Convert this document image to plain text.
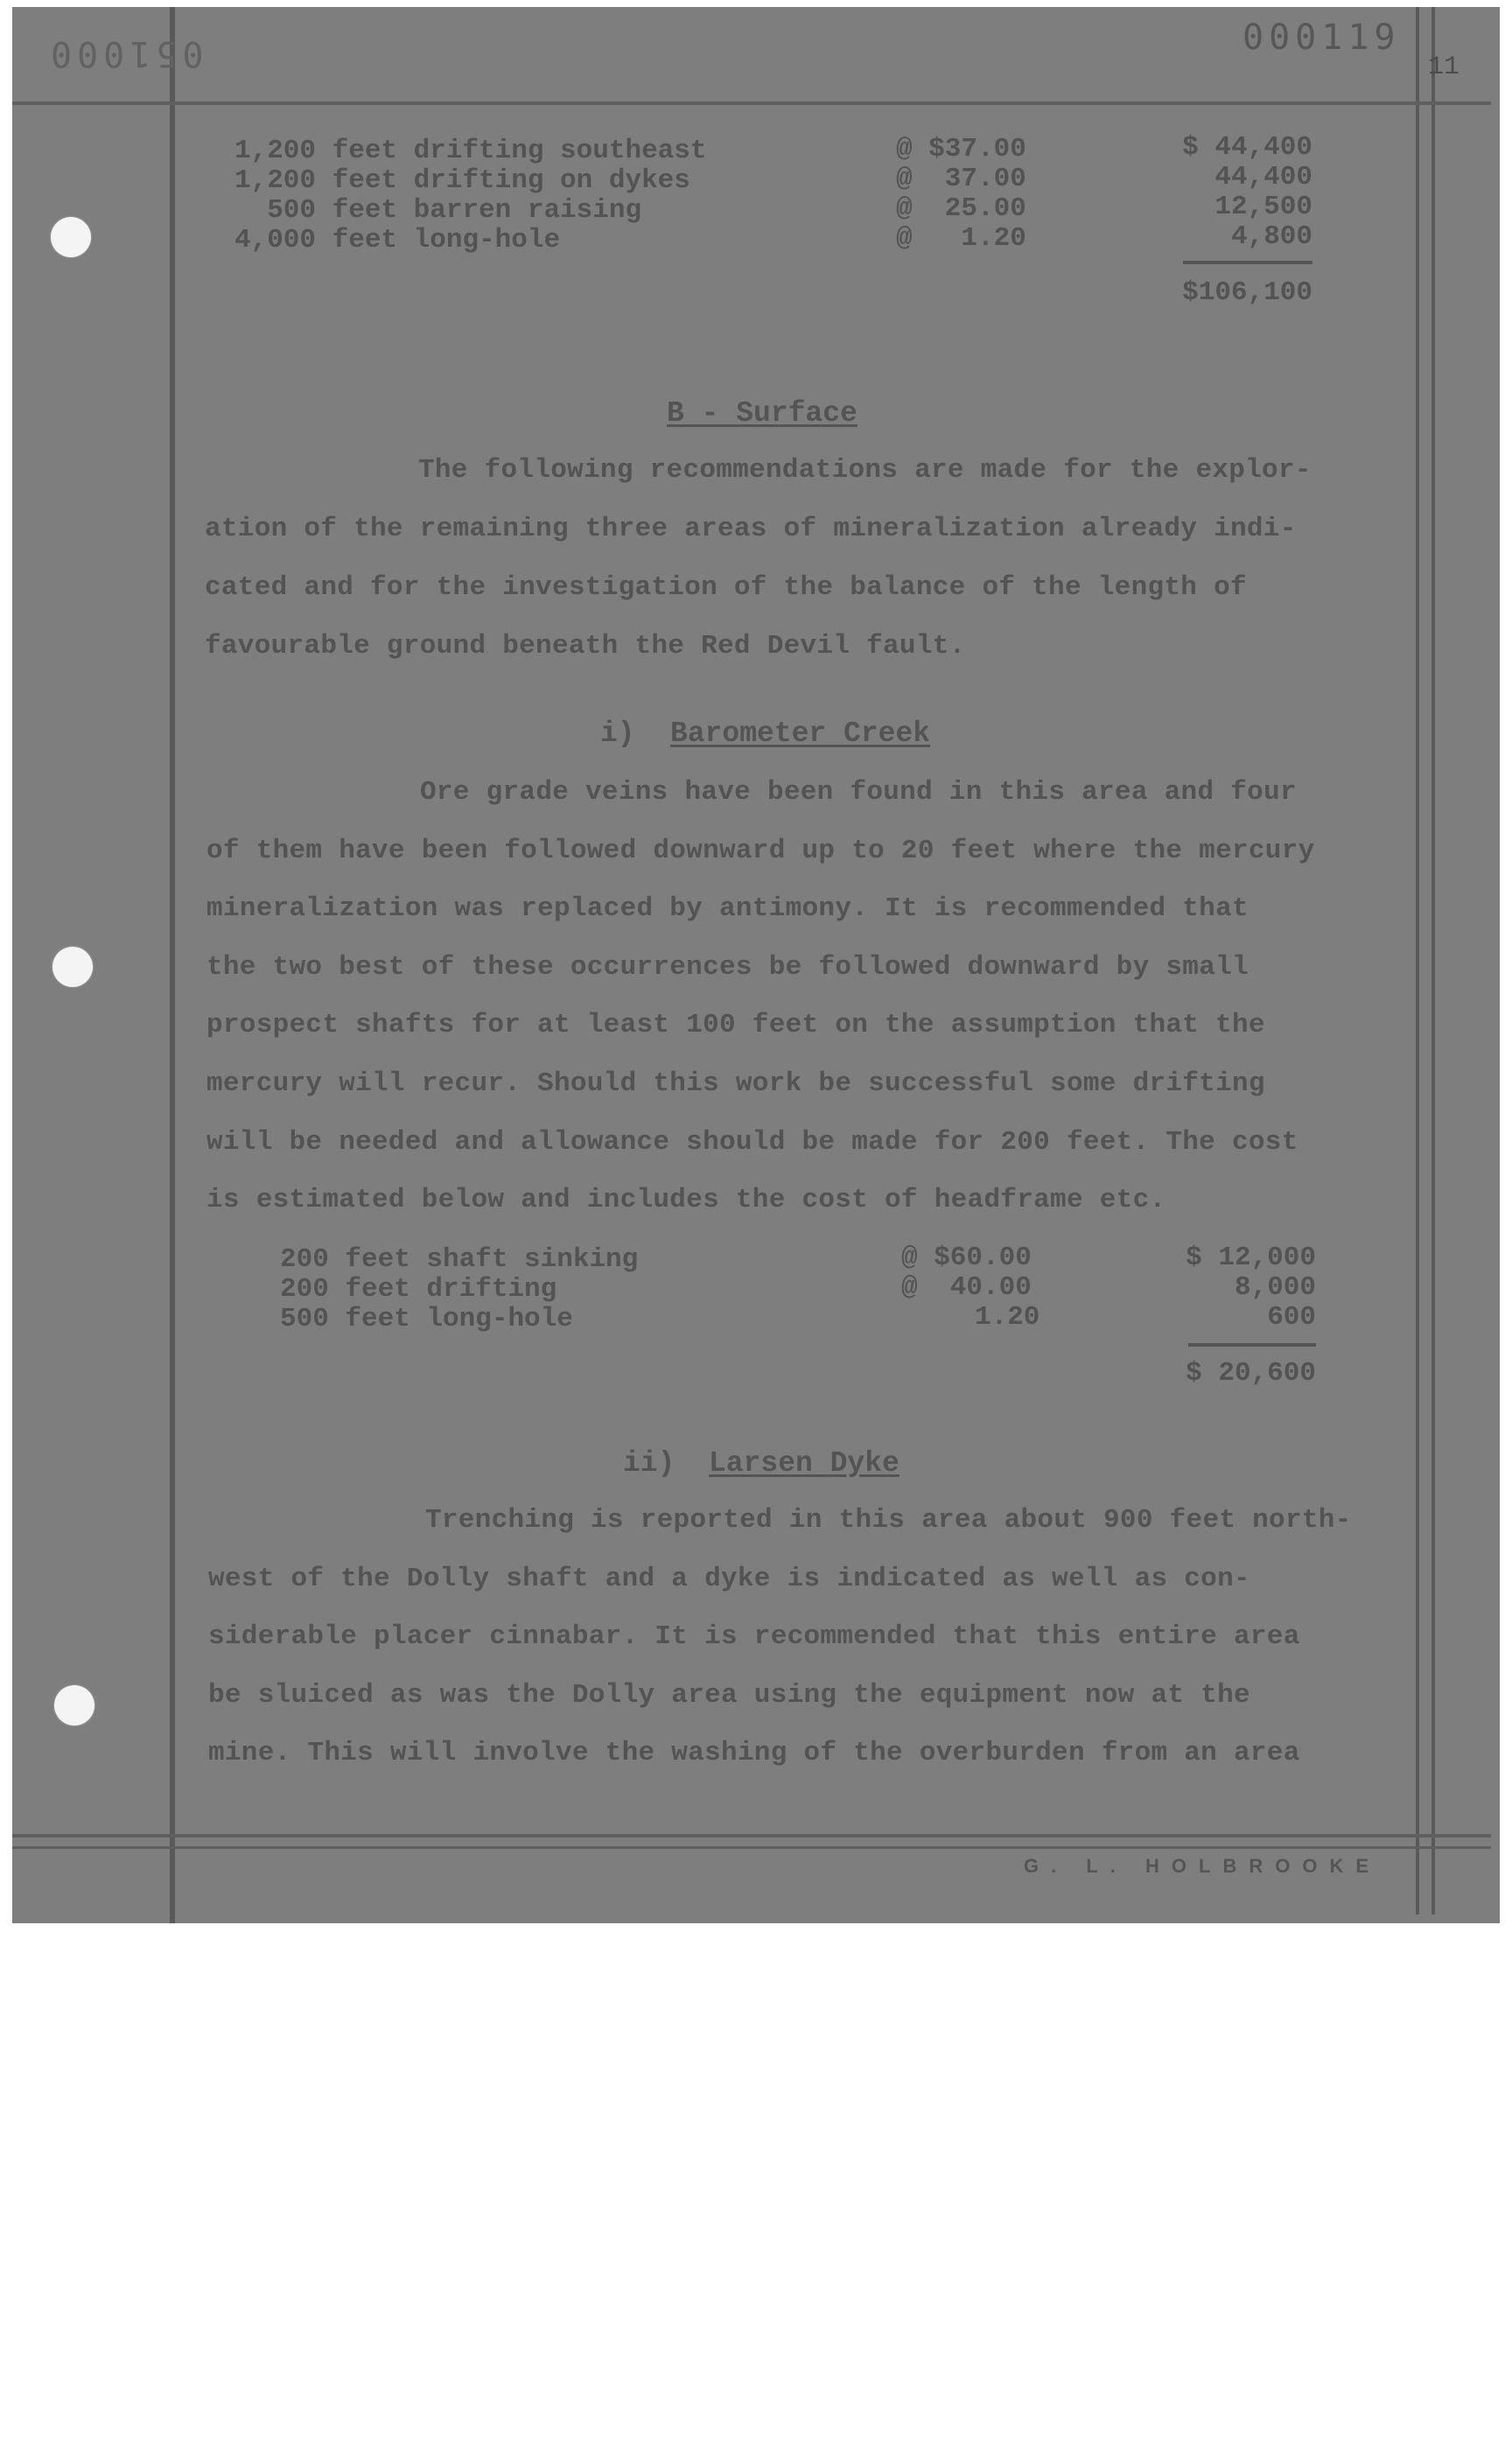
051000	000119
11
1,200 feet drifting southeast
1,200 feet drifting on dykes
500 feet barren raising
4,000 feet long-hole
@ $37.00
@  37.00
@  25.00
@   1.20
$ 44,400
44,400
12,500
4,800
$106,100
B - Surface
The following recommendations are made for the explor-
ation of the remaining three areas of mineralization already indi-
cated and for the investigation of the balance of the length of
favourable ground beneath the Red Devil fault.
i) Barometer Creek
Ore grade veins have been found in this area and four
of them have been followed downward up to 20 feet where the mercury
mineralization was replaced by antimony. It is recommended that
the two best of these occurrences be followed downward by small
prospect shafts for at least 100 feet on the assumption that the
mercury will recur. Should this work be successful some drifting
will be needed and allowance should be made for 200 feet. The cost
is estimated below and includes the cost of headframe etc.
200 feet shaft sinking
200 feet drifting
500 feet long-hole
@ $60.00
@  40.00
1.20
$ 12,000
8,000
600
$ 20,600
ii) Larsen Dyke
Trenching is reported in this area about 900 feet north-
west of the Dolly shaft and a dyke is indicated as well as con-
siderable placer cinnabar. It is recommended that this entire area
be sluiced as was the Dolly area using the equipment now at the
mine. This will involve the washing of the overburden from an area
G. L. HOLBROOKE
